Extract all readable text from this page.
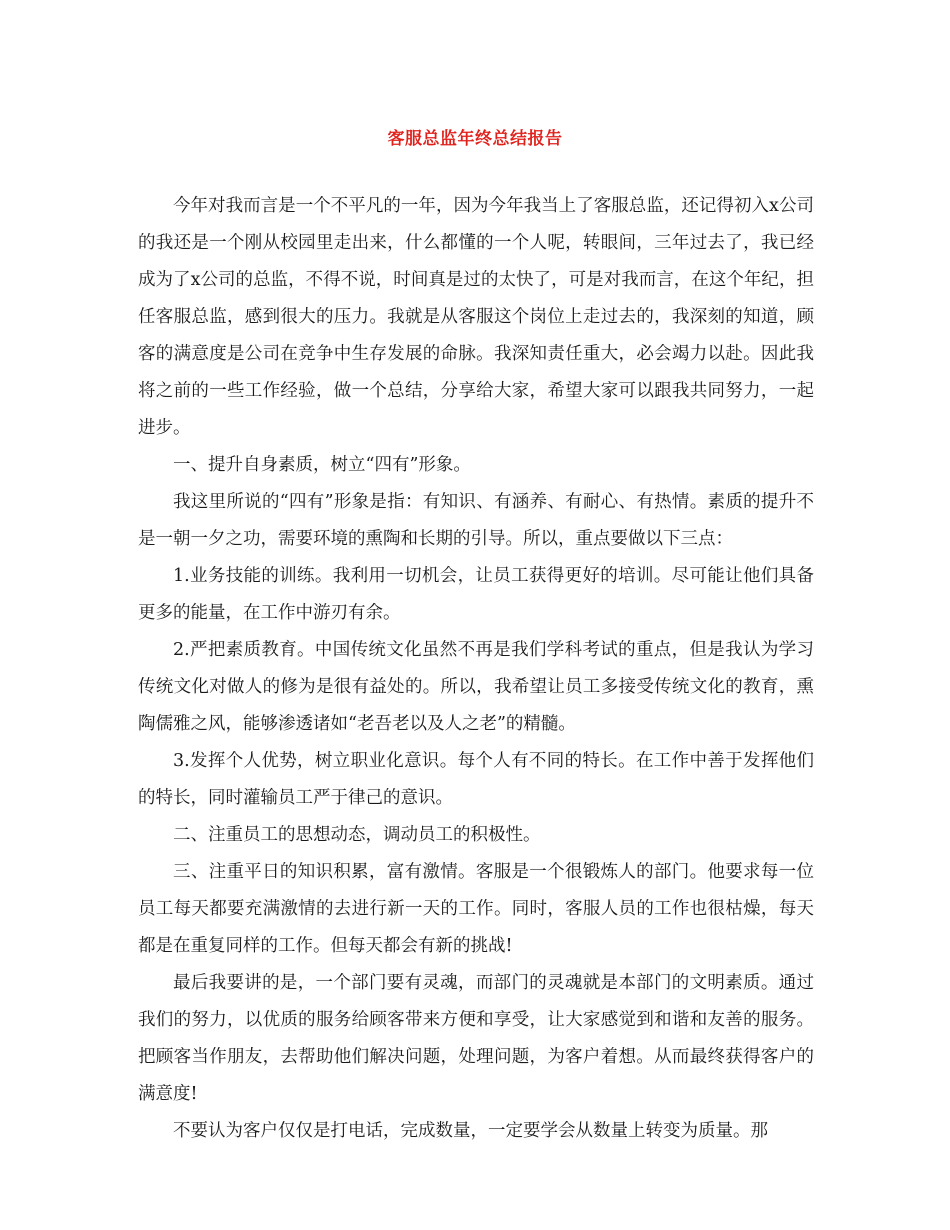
客服总监年终总结报告

今年对我而言是一个不平凡的一年，因为今年我当上了客服总监，还记得初入x公司的我还是一个刚从校园里走出来，什么都懂的一个人呢，转眼间，三年过去了，我已经成为了x公司的总监，不得不说，时间真是过的太快了，可是对我而言，在这个年纪，担任客服总监，感到很大的压力。我就是从客服这个岗位上走过去的，我深刻的知道，顾客的满意度是公司在竞争中生存发展的命脉。我深知责任重大，必会竭力以赴。因此我将之前的一些工作经验，做一个总结，分享给大家，希望大家可以跟我共同努力，一起进步。

一、提升自身素质，树立“四有”形象。

我这里所说的“四有”形象是指：有知识、有涵养、有耐心、有热情。素质的提升不是一朝一夕之功，需要环境的熏陶和长期的引导。所以，重点要做以下三点：

1.业务技能的训练。我利用一切机会，让员工获得更好的培训。尽可能让他们具备更多的能量，在工作中游刃有余。

2.严把素质教育。中国传统文化虽然不再是我们学科考试的重点，但是我认为学习传统文化对做人的修为是很有益处的。所以，我希望让员工多接受传统文化的教育，熏陶儒雅之风，能够渗透诸如“老吾老以及人之老”的精髓。

3.发挥个人优势，树立职业化意识。每个人有不同的特长。在工作中善于发挥他们的特长，同时灌输员工严于律己的意识。

二、注重员工的思想动态，调动员工的积极性。

三、注重平日的知识积累，富有激情。客服是一个很锻炼人的部门。他要求每一位员工每天都要充满激情的去进行新一天的工作。同时，客服人员的工作也很枯燥，每天都是在重复同样的工作。但每天都会有新的挑战!

最后我要讲的是，一个部门要有灵魂，而部门的灵魂就是本部门的文明素质。通过我们的努力，以优质的服务给顾客带来方便和享受，让大家感觉到和谐和友善的服务。把顾客当作朋友，去帮助他们解决问题，处理问题，为客户着想。从而最终获得客户的满意度!

不要认为客户仅仅是打电话，完成数量，一定要学会从数量上转变为质量。那
